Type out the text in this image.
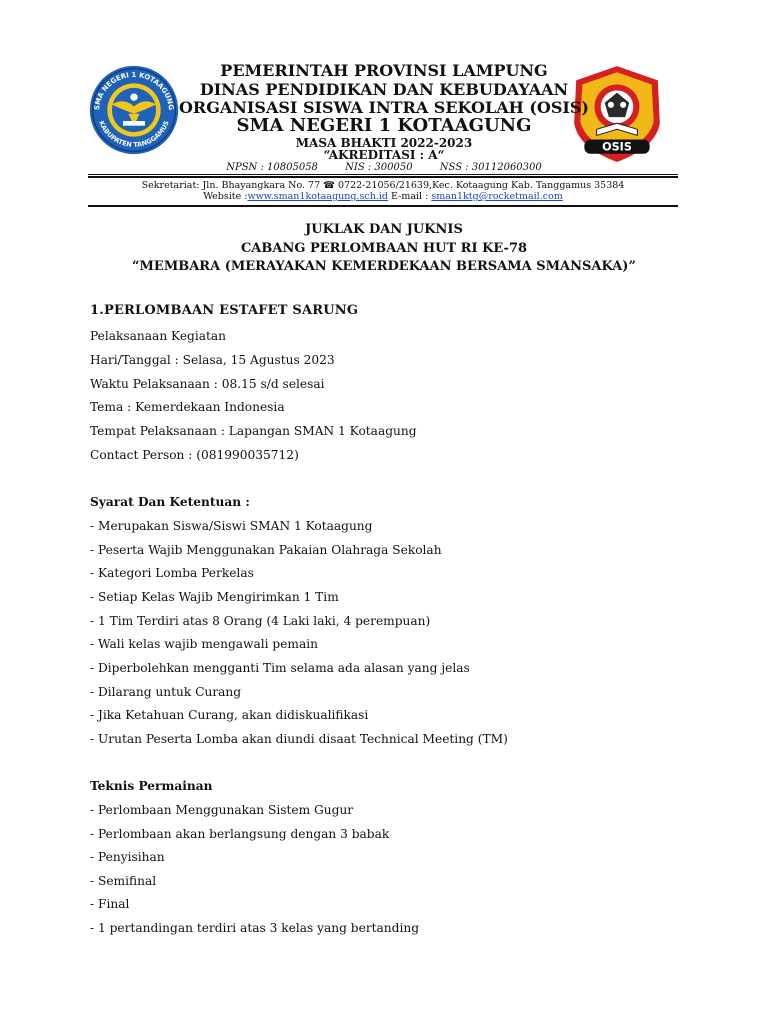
SMA NEGERI 1 KOTAAGUNG
KABUPATEN TANGGAMUS
OSIS
PEMERINTAH PROVINSI LAMPUNG
DINAS PENDIDIKAN DAN KEBUDAYAAN
ORGANISASI SISWA INTRA SEKOLAH (OSIS)
SMA NEGERI 1 KOTAAGUNG
MASA BHAKTI 2022-2023
“AKREDITASI : A“
NPSN : 10805058	NIS : 300050	NSS : 30112060300
Sekretariat: Jln. Bhayangkara No. 77 ☎ 0722-21056/21639,Kec. Kotaagung Kab. Tanggamus 35384
Website :www.sman1kotaagung.sch.id E-mail : sman1ktg@rocketmail.com
JUKLAK DAN JUKNIS
CABANG PERLOMBAAN HUT RI KE-78
“MEMBARA (MERAYAKAN KEMERDEKAAN BERSAMA SMANSAKA)”
1.PERLOMBAAN ESTAFET SARUNG
Pelaksanaan Kegiatan
Hari/Tanggal : Selasa, 15 Agustus 2023
Waktu Pelaksanaan : 08.15 s/d selesai
Tema : Kemerdekaan Indonesia
Tempat Pelaksanaan : Lapangan SMAN 1 Kotaagung
Contact Person : (081990035712)
Syarat Dan Ketentuan :
- Merupakan Siswa/Siswi SMAN 1 Kotaagung
- Peserta Wajib Menggunakan Pakaian Olahraga Sekolah
- Kategori Lomba Perkelas
- Setiap Kelas Wajib Mengirimkan 1 Tim
- 1 Tim Terdiri atas 8 Orang (4 Laki laki, 4 perempuan)
- Wali kelas wajib mengawali pemain
- Diperbolehkan mengganti Tim selama ada alasan yang jelas
- Dilarang untuk Curang
- Jika Ketahuan Curang, akan didiskualifikasi
- Urutan Peserta Lomba akan diundi disaat Technical Meeting (TM)
Teknis Permainan
- Perlombaan Menggunakan Sistem Gugur
- Perlombaan akan berlangsung dengan 3 babak
- Penyisihan
- Semifinal
- Final
- 1 pertandingan terdiri atas 3 kelas yang bertanding
